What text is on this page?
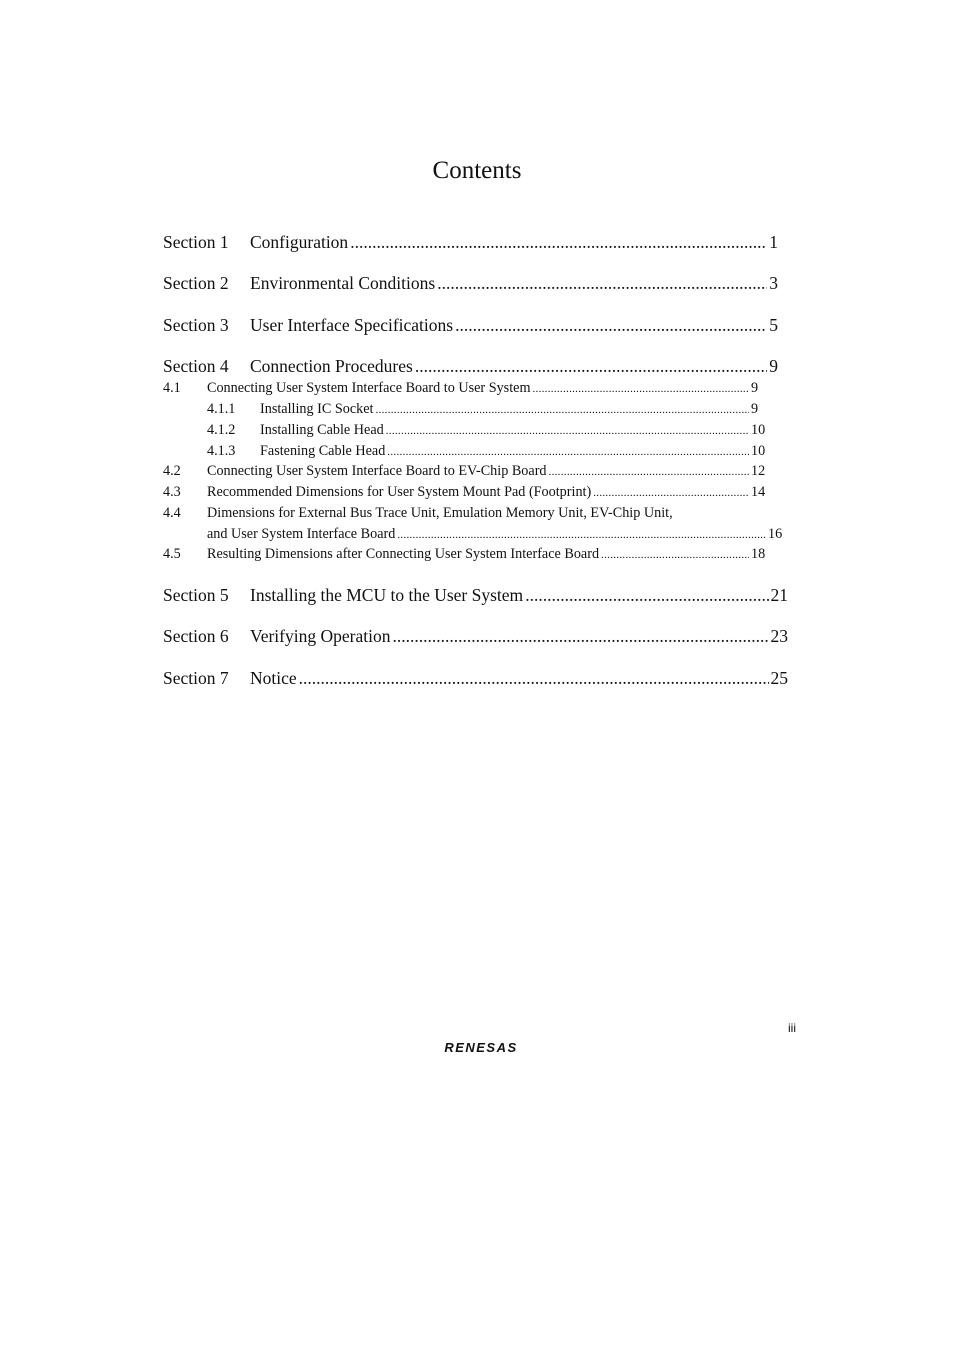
Contents
Section 1	Configuration .....	1
Section 2	Environmental Conditions .....	3
Section 3	User Interface Specifications .....	5
Section 4	Connection Procedures .....	9
4.1	Connecting User System Interface Board to User System .....	9
4.1.1	Installing IC Socket .....	9
4.1.2	Installing Cable Head .....	10
4.1.3	Fastening Cable Head .....	10
4.2	Connecting User System Interface Board to EV-Chip Board .....	12
4.3	Recommended Dimensions for User System Mount Pad (Footprint) .....	14
4.4	Dimensions for External Bus Trace Unit, Emulation Memory Unit, EV-Chip Unit,
and User System Interface Board .....	16
4.5	Resulting Dimensions after Connecting User System Interface Board .....	18
Section 5	Installing the MCU to the User System .....	21
Section 6	Verifying Operation .....	23
Section 7	Notice .....	25
iii
RENESAS
